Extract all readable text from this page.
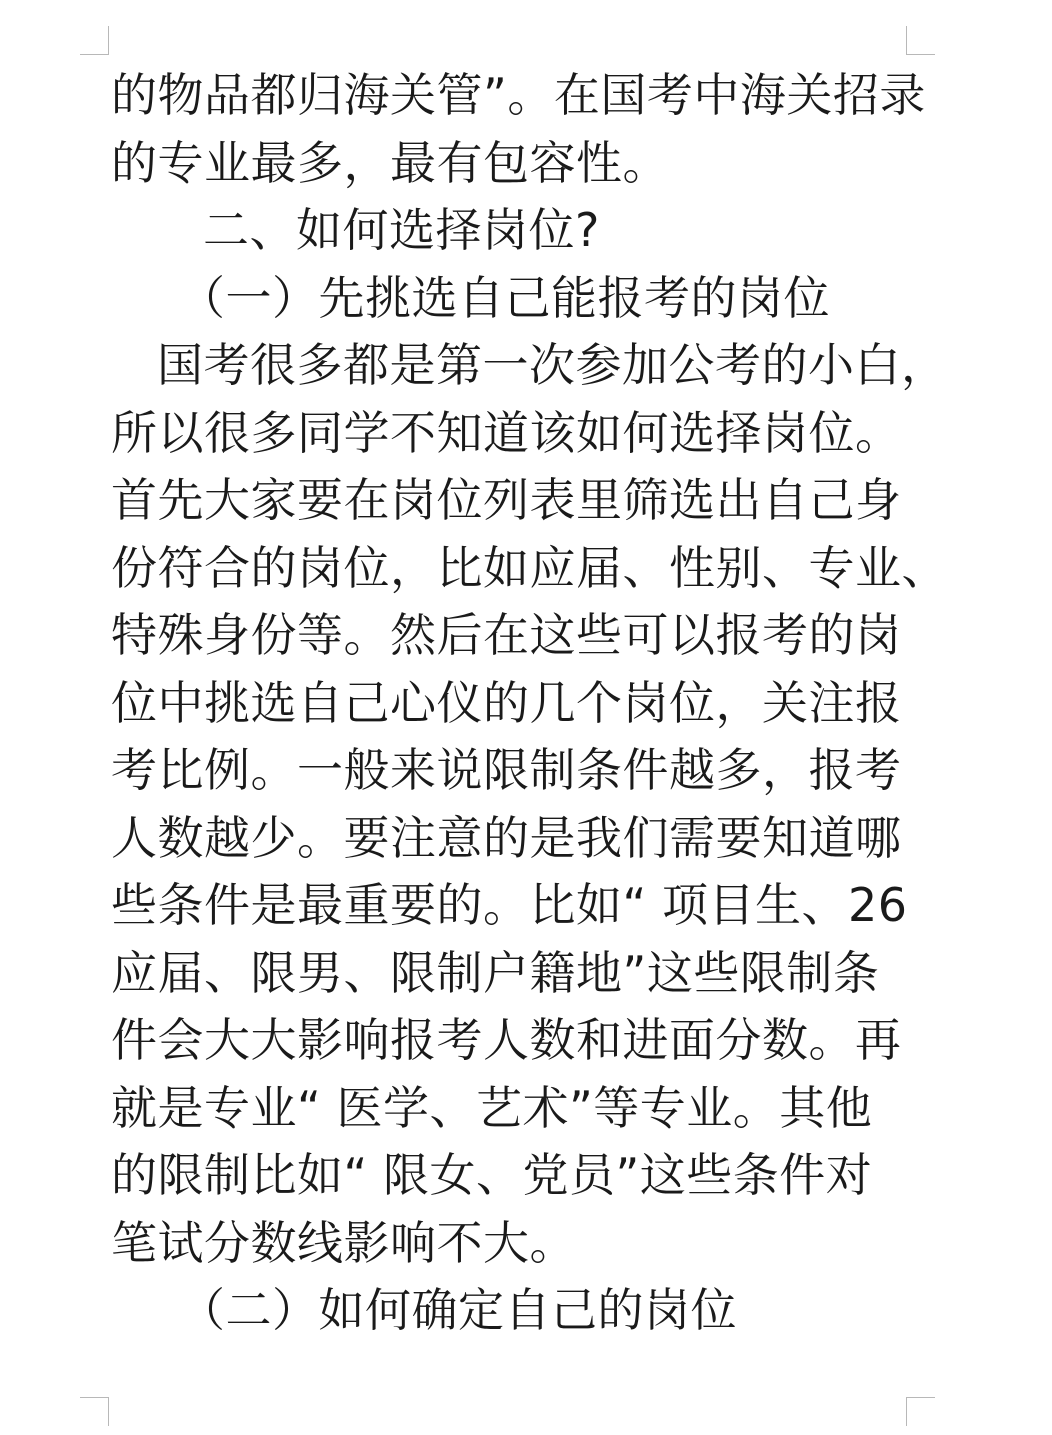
的物品都归海关管”。在国考中海关招录
的专业最多，最有包容性。
二、如何选择岗位?
（一）先挑选自己能报考的岗位
国考很多都是第一次参加公考的小白，
所以很多同学不知道该如何选择岗位。
首先大家要在岗位列表里筛选出自己身
份符合的岗位，比如应届、性别、专业、
特殊身份等。然后在这些可以报考的岗
位中挑选自己心仪的几个岗位，关注报
考比例。一般来说限制条件越多，报考
人数越少。要注意的是我们需要知道哪
些条件是最重要的。比如“ 项目生、26
应届、限男、限制户籍地”这些限制条
件会大大影响报考人数和进面分数。再
就是专业“ 医学、艺术”等专业。其他
的限制比如“ 限女、党员”这些条件对
笔试分数线影响不大。
（二）如何确定自己的岗位
